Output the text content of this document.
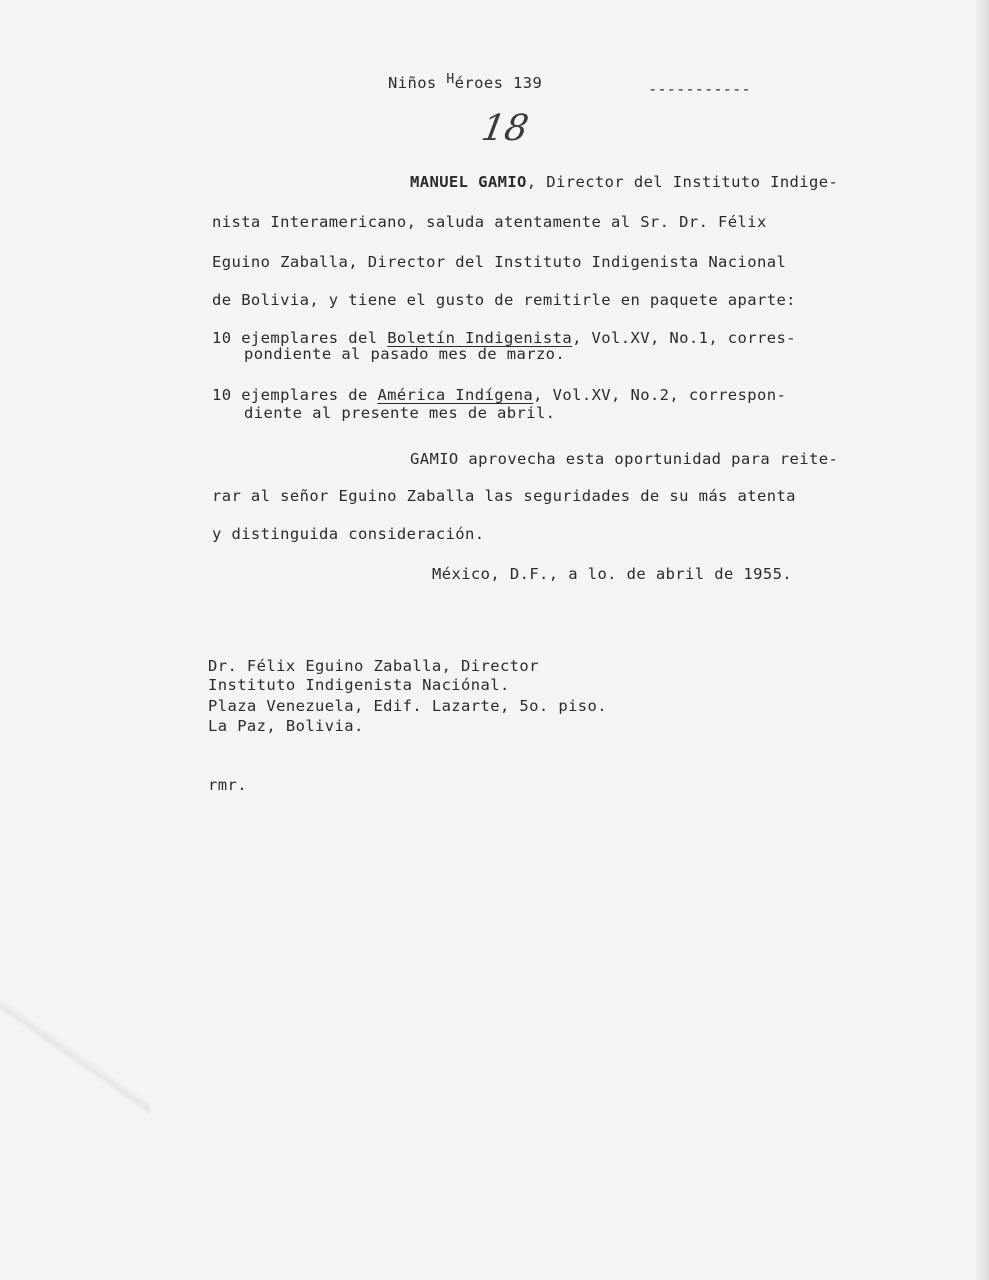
Niños $^H$éroes 139	-----------
18
MANUEL GAMIO, Director del Instituto Indige-
nista Interamericano, saluda atentamente al Sr. Dr. Félix
Eguino Zaballa, Director del Instituto Indigenista Nacional
de Bolivia, y tiene el gusto de remitirle en paquete aparte:
10 ejemplares del Boletín Indigenista, Vol.XV, No.1, corres-
pondiente al pasado mes de marzo.
10 ejemplares de América Indígena, Vol.XV, No.2, correspon-
diente al presente mes de abril.
GAMIO aprovecha esta oportunidad para reite-
rar al señor Eguino Zaballa las seguridades de su más atenta
y distinguida consideración.
México, D.F., a lo. de abril de 1955.
Dr. Félix Eguino Zaballa, Director
Instituto Indigenista Naciónal.
Plaza Venezuela, Edif. Lazarte, 5o. piso.
La Paz, Bolivia.
rmr.
